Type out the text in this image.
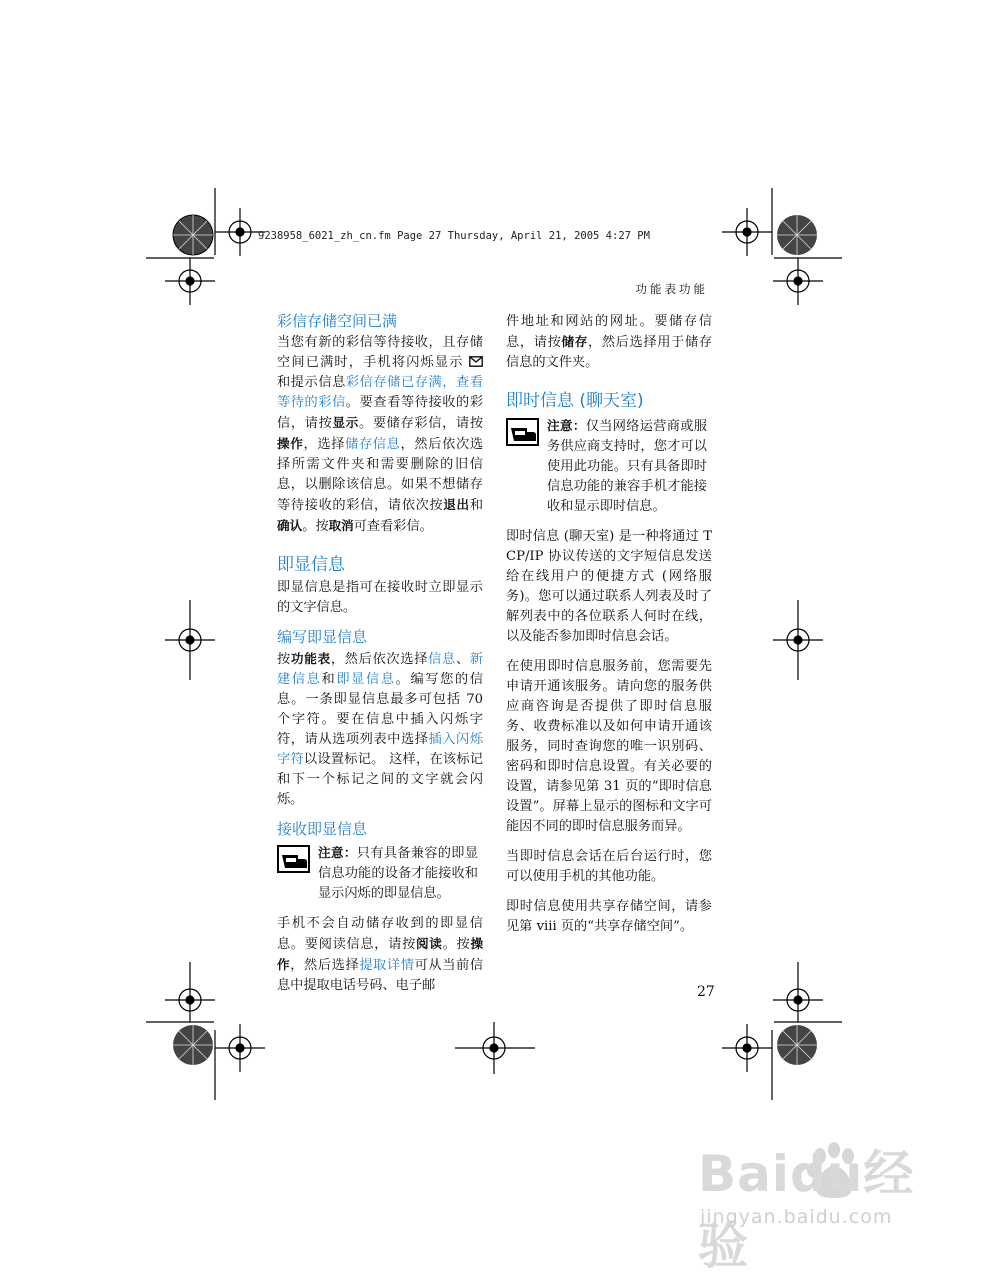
9238958_6021_zh_cn.fm Page 27 Thursday, April 21, 2005 4:27 PM
功能表功能
彩信存储空间已满

当您有新的彩信等待接收，且存储空间已满时，手机将闪烁显示  和提示信息彩信存储已存满，查看等待的彩信。要查看等待接收的彩信，请按显示。要储存彩信，请按操作，选择储存信息，然后依次选择所需文件夹和需要删除的旧信息，以删除该信息。如果不想储存等待接收的彩信，请依次按退出和确认。按取消可查看彩信。

即显信息

即显信息是指可在接收时立即显示的文字信息。

编写即显信息

按功能表，然后依次选择信息、新建信息和即显信息。编写您的信息。一条即显信息最多可包括 70 个字符。要在信息中插入闪烁字符，请从选项列表中选择插入闪烁字符以设置标记。 这样，在该标记和下一个标记之间的文字就会闪烁。

接收即显信息

注意：只有具备兼容的即显信息功能的设备才能接收和显示闪烁的即显信息。

手机不会自动储存收到的即显信息。要阅读信息，请按阅读。按操作，然后选择提取详情可从当前信息中提取电话号码、电子邮

件地址和网站的网址。要储存信息，请按储存，然后选择用于储存信息的文件夹。

即时信息 (聊天室)

注意：仅当网络运营商或服务供应商支持时，您才可以使用此功能。只有具备即时信息功能的兼容手机才能接收和显示即时信息。

即时信息 (聊天室) 是一种将通过 TCP/IP 协议传送的文字短信息发送给在线用户的便捷方式 (网络服务)。您可以通过联系人列表及时了解列表中的各位联系人何时在线，以及能否参加即时信息会话。

在使用即时信息服务前，您需要先申请开通该服务。请向您的服务供应商咨询是否提供了即时信息服务、收费标准以及如何申请开通该服务，同时查询您的唯一识别码、密码和即时信息设置。有关必要的设置，请参见第 31 页的“即时信息设置”。屏幕上显示的图标和文字可能因不同的即时信息服务而异。

当即时信息会话在后台运行时，您可以使用手机的其他功能。

即时信息使用共享存储空间，请参见第 viii 页的“共享存储空间”。

27
Baidu经验
jingyan.baidu.com
